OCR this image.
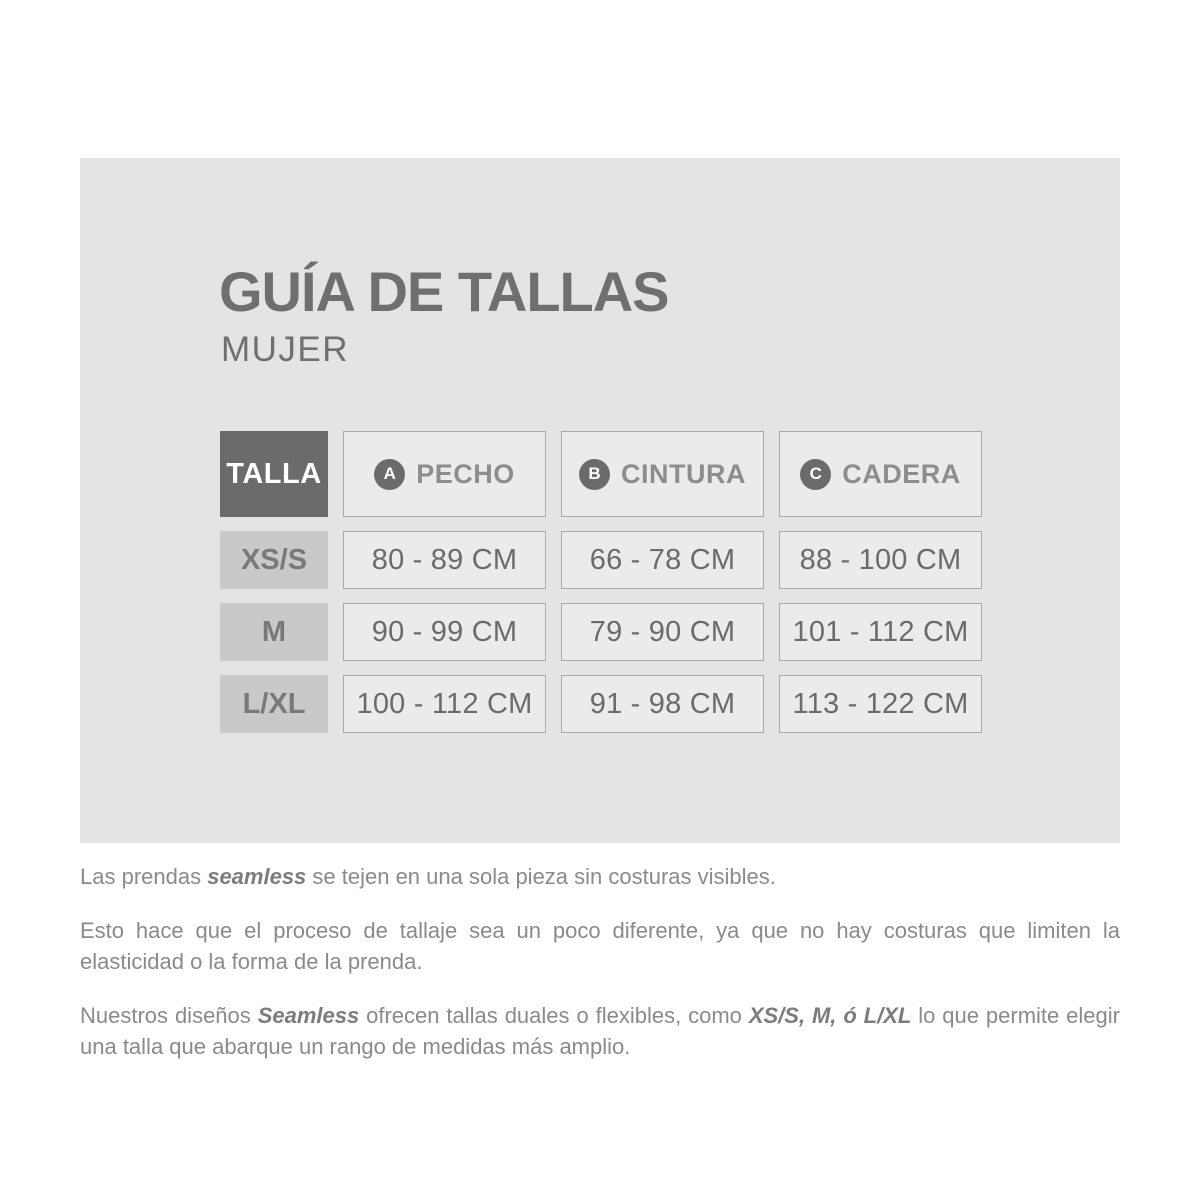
GUÍA DE TALLAS
MUJER
TALLA	A PECHO	B CINTURA	C CADERA
XS/S	80 - 89 CM	66 - 78 CM	88 - 100 CM
M	90 - 99 CM	79 - 90 CM	101 - 112 CM
L/XL	100 - 112 CM	91 - 98 CM	113 - 122 CM

Las prendas seamless se tejen en una sola pieza sin costuras visibles.

Esto hace que el proceso de tallaje sea un poco diferente, ya que no hay costuras que limiten la elasticidad o la forma de la prenda.

Nuestros diseños Seamless ofrecen tallas duales o flexibles, como XS/S, M, ó L/XL lo que permite elegir una talla que abarque un rango de medidas más amplio.
